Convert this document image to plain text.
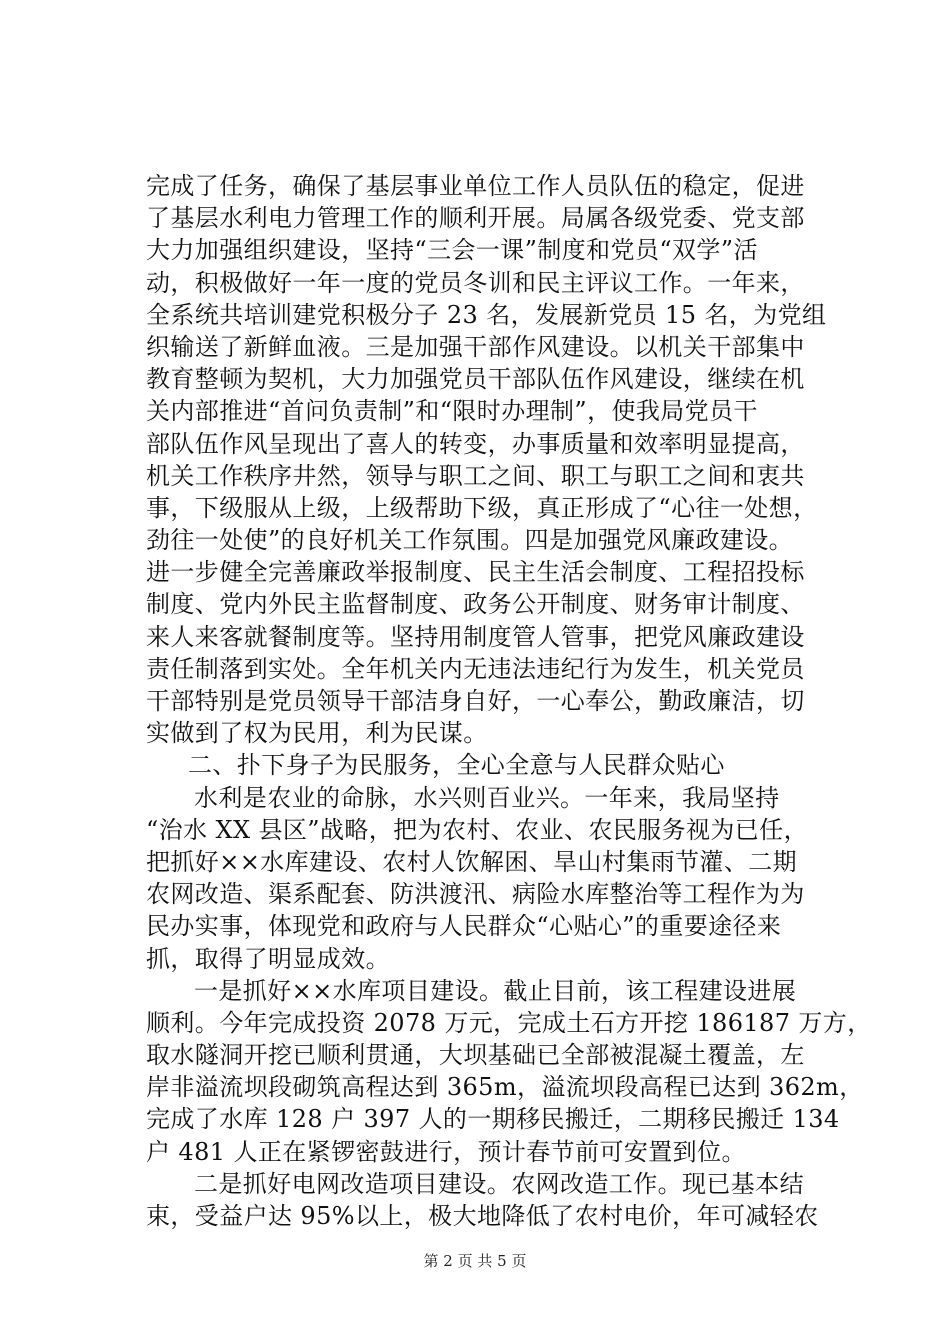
完成了任务，确保了基层事业单位工作人员队伍的稳定，促进
了基层水利电力管理工作的顺利开展。局属各级党委、党支部
大力加强组织建设，坚持“三会一课”制度和党员“双学”活
动，积极做好一年一度的党员冬训和民主评议工作。一年来，
全系统共培训建党积极分子 23 名，发展新党员 15 名，为党组
织输送了新鲜血液。三是加强干部作风建设。以机关干部集中
教育整顿为契机，大力加强党员干部队伍作风建设，继续在机
关内部推进“首问负责制”和“限时办理制”，使我局党员干
部队伍作风呈现出了喜人的转变，办事质量和效率明显提高，
机关工作秩序井然，领导与职工之间、职工与职工之间和衷共
事，下级服从上级，上级帮助下级，真正形成了“心往一处想，
劲往一处使”的良好机关工作氛围。四是加强党风廉政建设。
进一步健全完善廉政举报制度、民主生活会制度、工程招投标
制度、党内外民主监督制度、政务公开制度、财务审计制度、
来人来客就餐制度等。坚持用制度管人管事，把党风廉政建设
责任制落到实处。全年机关内无违法违纪行为发生，机关党员
干部特别是党员领导干部洁身自好，一心奉公，勤政廉洁，切
实做到了权为民用，利为民谋。
二、扑下身子为民服务，全心全意与人民群众贴心
水利是农业的命脉，水兴则百业兴。一年来，我局坚持
“治水 XX 县区”战略，把为农村、农业、农民服务视为已任，
把抓好××水库建设、农村人饮解困、旱山村集雨节灌、二期
农网改造、渠系配套、防洪渡汛、病险水库整治等工程作为为
民办实事，体现党和政府与人民群众“心贴心”的重要途径来
抓，取得了明显成效。
一是抓好××水库项目建设。截止目前，该工程建设进展
顺利。今年完成投资 2078 万元，完成土石方开挖 186187 万方，
取水隧洞开挖已顺利贯通，大坝基础已全部被混凝土覆盖，左
岸非溢流坝段砌筑高程达到 365m，溢流坝段高程已达到 362m，
完成了水库 128 户 397 人的一期移民搬迁，二期移民搬迁 134
户 481 人正在紧锣密鼓进行，预计春节前可安置到位。
二是抓好电网改造项目建设。农网改造工作。现已基本结
束，受益户达 95%以上，极大地降低了农村电价，年可减轻农
第 2 页 共 5 页
